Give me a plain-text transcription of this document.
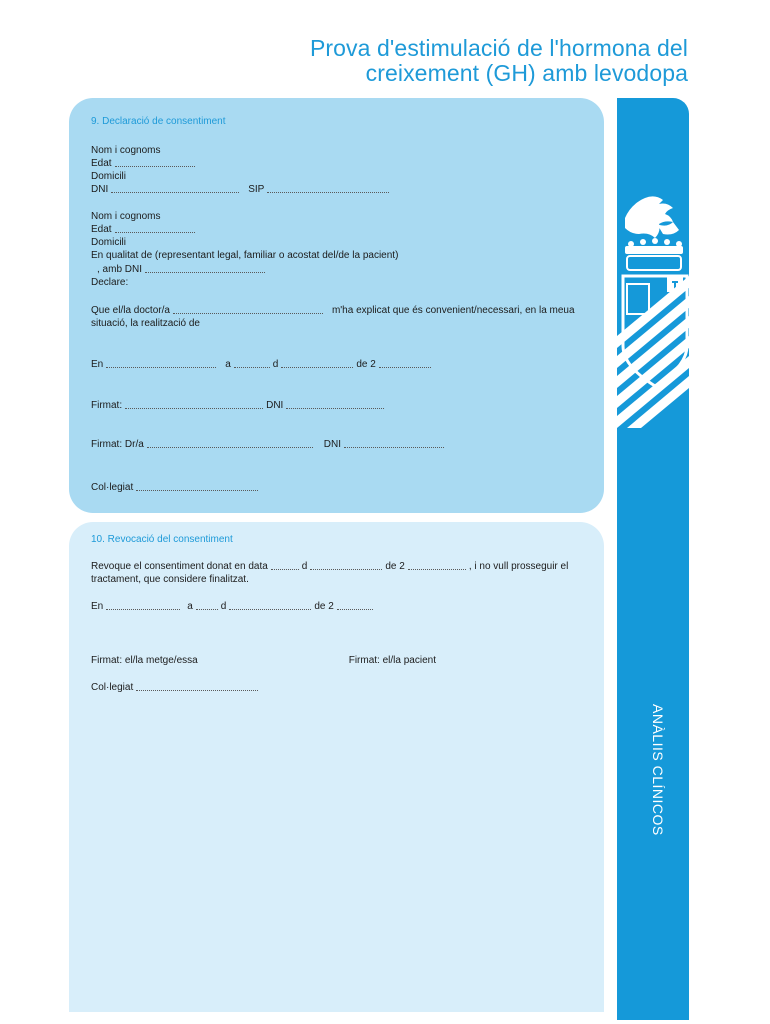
Prova d'estimulació de l'hormona del
creixement (GH) amb levodopa
ANÀLIIS CLÍNICOS
9. Declaració de consentiment
Nom i cognoms
Edat
Domicili
DNI	SIP
Nom i cognoms
Edat
Domicili
En qualitat de (representant legal, familiar o acostat del/de la pacient)
, amb DNI
Declare:
Que el/la doctor/a	m'ha explicat que és convenient/necessari, en la meua
situació, la realització de
En	a	d	de 2
Firmat:	DNI
Firmat: Dr/a	DNI
Col·legiat
10. Revocació del consentiment
Revoque el consentiment donat en data	d	de 2	, i no vull prosseguir el
tractament, que considere finalitzat.
En	a	d	de 2
Firmat: el/la metge/essa	Firmat: el/la pacient
Col·legiat
